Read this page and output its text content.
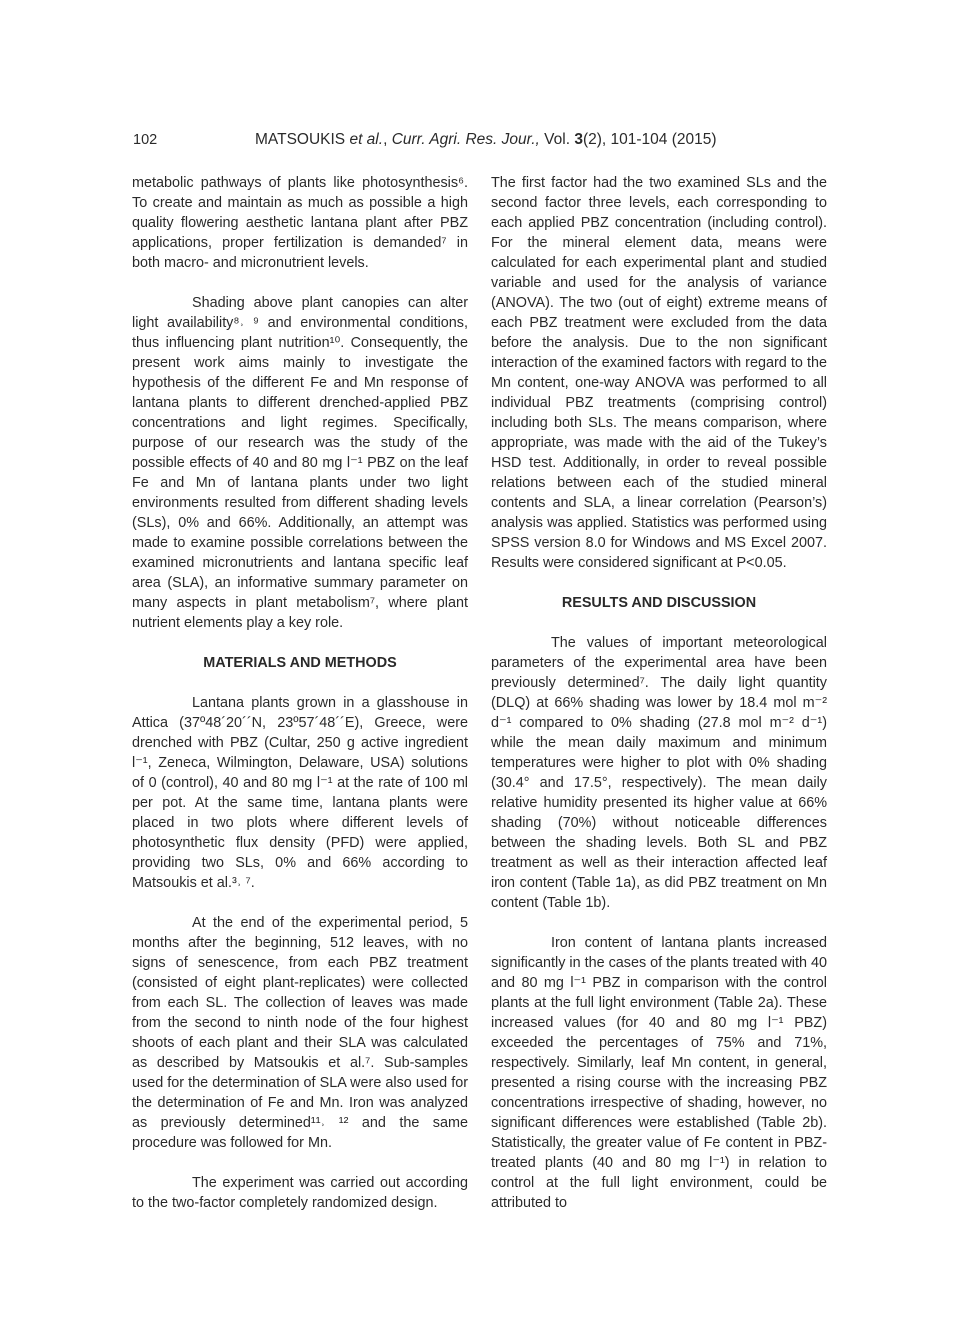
102	MATSOUKIS et al., Curr. Agri. Res. Jour., Vol. 3(2), 101-104 (2015)

metabolic pathways of plants like photosynthesis⁶. To create and maintain as much as possible a high quality flowering aesthetic lantana plant after PBZ applications, proper fertilization is demanded⁷ in both macro- and micronutrient levels.

Shading above plant canopies can alter light availability⁸˒ ⁹ and environmental conditions, thus influencing plant nutrition¹⁰. Consequently, the present work aims mainly to investigate the hypothesis of the different Fe and Mn response of lantana plants to different drenched-applied PBZ concentrations and light regimes. Specifically, purpose of our research was the study of the possible effects of 40 and 80 mg l⁻¹ PBZ on the leaf Fe and Mn of lantana plants under two light environments resulted from different shading levels (SLs), 0% and 66%. Additionally, an attempt was made to examine possible correlations between the examined micronutrients and lantana specific leaf area (SLA), an informative summary parameter on many aspects in plant metabolism⁷, where plant nutrient elements play a key role.

MATERIALS AND METHODS

Lantana plants grown in a glasshouse in Attica (37º48´20´´N, 23º57´48´´E), Greece, were drenched with PBZ (Cultar, 250 g active ingredient l⁻¹, Zeneca, Wilmington, Delaware, USA) solutions of 0 (control), 40 and 80 mg l⁻¹ at the rate of 100 ml per pot. At the same time, lantana plants were placed in two plots where different levels of photosynthetic flux density (PFD) were applied, providing two SLs, 0% and 66% according to Matsoukis et al.³˒ ⁷.

At the end of the experimental period, 5 months after the beginning, 512 leaves, with no signs of senescence, from each PBZ treatment (consisted of eight plant-replicates) were collected from each SL. The collection of leaves was made from the second to ninth node of the four highest shoots of each plant and their SLA was calculated as described by Matsoukis et al.⁷. Sub-samples used for the determination of SLA were also used for the determination of Fe and Mn. Iron was analyzed as previously determined¹¹˒ ¹² and the same procedure was followed for Mn.

The experiment was carried out according to the two-factor completely randomized design.

The first factor had the two examined SLs and the second factor three levels, each corresponding to each applied PBZ concentration (including control). For the mineral element data, means were calculated for each experimental plant and studied variable and used for the analysis of variance (ANOVA). The two (out of eight) extreme means of each PBZ treatment were excluded from the data before the analysis. Due to the non significant interaction of the examined factors with regard to the Mn content, one-way ANOVA was performed to all individual PBZ treatments (comprising control) including both SLs. The means comparison, where appropriate, was made with the aid of the Tukey’s HSD test. Additionally, in order to reveal possible relations between each of the studied mineral contents and SLA, a linear correlation (Pearson’s) analysis was applied. Statistics was performed using SPSS version 8.0 for Windows and MS Excel 2007. Results were considered significant at P<0.05.

RESULTS AND DISCUSSION

The values of important meteorological parameters of the experimental area have been previously determined⁷. The daily light quantity (DLQ) at 66% shading was lower by 18.4 mol m⁻² d⁻¹ compared to 0% shading (27.8 mol m⁻² d⁻¹) while the mean daily maximum and minimum temperatures were higher to plot with 0% shading (30.4° and 17.5°, respectively). The mean daily relative humidity presented its higher value at 66% shading (70%) without noticeable differences between the shading levels. Both SL and PBZ treatment as well as their interaction affected leaf iron content (Table 1a), as did PBZ treatment on Mn content (Table 1b).

Iron content of lantana plants increased significantly in the cases of the plants treated with 40 and 80 mg l⁻¹ PBZ in comparison with the control plants at the full light environment (Table 2a). These increased values (for 40 and 80 mg l⁻¹ PBZ) exceeded the percentages of 75% and 71%, respectively. Similarly, leaf Mn content, in general, presented a rising course with the increasing PBZ concentrations irrespective of shading, however, no significant differences were established (Table 2b). Statistically, the greater value of Fe content in PBZ-treated plants (40 and 80 mg l⁻¹) in relation to control at the full light environment, could be attributed to
